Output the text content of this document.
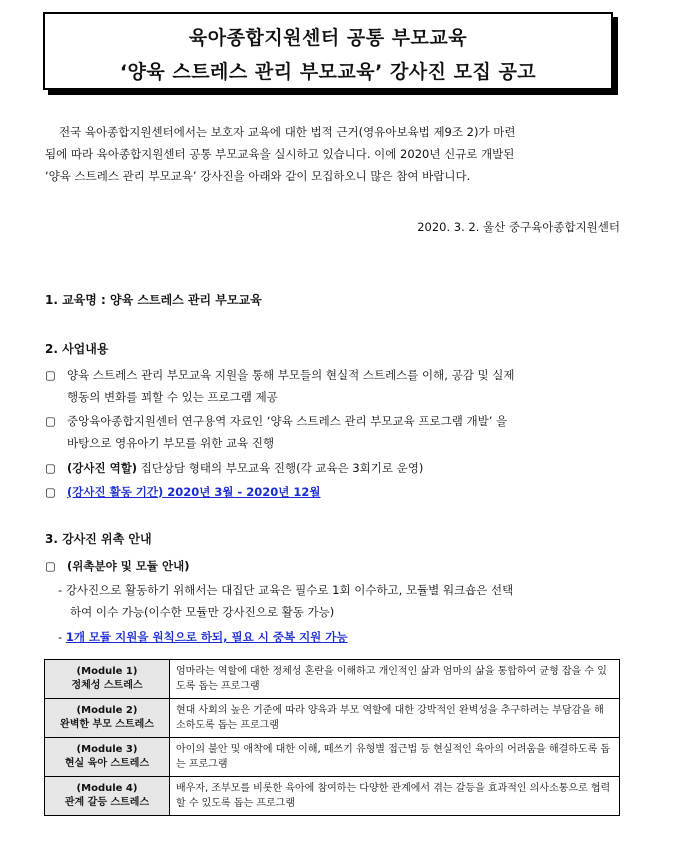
육아종합지원센터 공통 부모교육
‘양육 스트레스 관리 부모교육’ 강사진 모집 공고
전국 육아종합지원센터에서는 보호자 교육에 대한 법적 근거(영유아보육법 제9조 2)가 마련
됨에 따라 육아종합지원센터 공통 부모교육을 실시하고 있습니다. 이에 2020년 신규로 개발된
‘양육 스트레스 관리 부모교육’ 강사진을 아래와 같이 모집하오니 많은 참여 바랍니다.
2020. 3. 2. 울산 중구육아종합지원센터
1. 교육명 : 양육 스트레스 관리 부모교육
2. 사업내용
▢ 양육 스트레스 관리 부모교육 지원을 통해 부모들의 현실적 스트레스를 이해, 공감 및 실제
행동의 변화를 꾀할 수 있는 프로그램 제공
▢ 중앙육아종합지원센터 연구용역 자료인 ‘양육 스트레스 관리 부모교육 프로그램 개발’ 을
바탕으로 영유아기 부모를 위한 교육 진행
▢ (강사진 역할) 집단상담 형태의 부모교육 진행(각 교육은 3회기로 운영)
▢ (강사진 활동 기간) 2020년 3월 - 2020년 12월
3. 강사진 위촉 안내
▢ (위촉분야 및 모듈 안내)
- 강사진으로 활동하기 위해서는 대집단 교육은 필수로 1회 이수하고, 모듈별 워크숍은 선택
하여 이수 가능(이수한 모듈만 강사진으로 활동 가능)
- 1개 모듈 지원을 원칙으로 하되, 필요 시 중복 지원 가능
(Module 1)
정체성 스트레스	엄마라는 역할에 대한 정체성 혼란을 이해하고 개인적인 삶과 엄마의 삶을 통합하여 균형 잡을 수 있도록 돕는 프로그램
(Module 2)
완벽한 부모 스트레스	현대 사회의 높은 기준에 따라 양육과 부모 역할에 대한 강박적인 완벽성을 추구하려는 부담감을 해소하도록 돕는 프로그램
(Module 3)
현실 육아 스트레스	아이의 불안 및 애착에 대한 이해, 떼쓰기 유형별 접근법 등 현실적인 육아의 어려움을 해결하도록 돕는 프로그램
(Module 4)
관계 갈등 스트레스	배우자, 조부모를 비롯한 육아에 참여하는 다양한 관계에서 겪는 갈등을 효과적인 의사소통으로 협력할 수 있도록 돕는 프로그램
